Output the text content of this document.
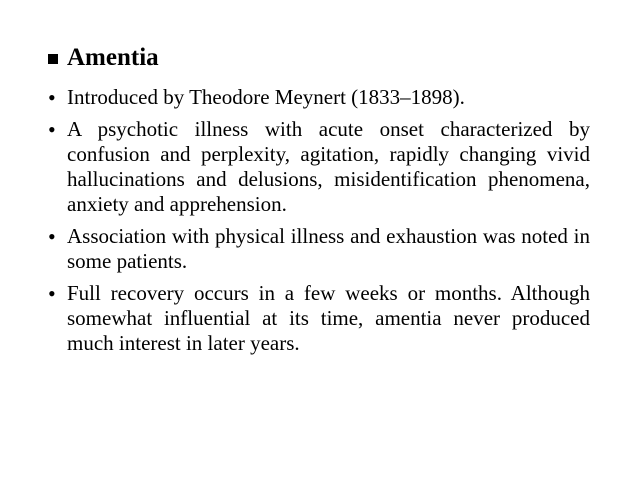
Amentia
• Introduced by Theodore Meynert (1833–1898).
• A psychotic illness with acute onset characterized by confusion and perplexity, agitation, rapidly changing vivid hallucinations and delusions, misidentification phenomena, anxiety and apprehension.
• Association with physical illness and exhaustion was noted in some patients.
• Full recovery occurs in a few weeks or months. Although somewhat influential at its time, amentia never produced much interest in later years.
